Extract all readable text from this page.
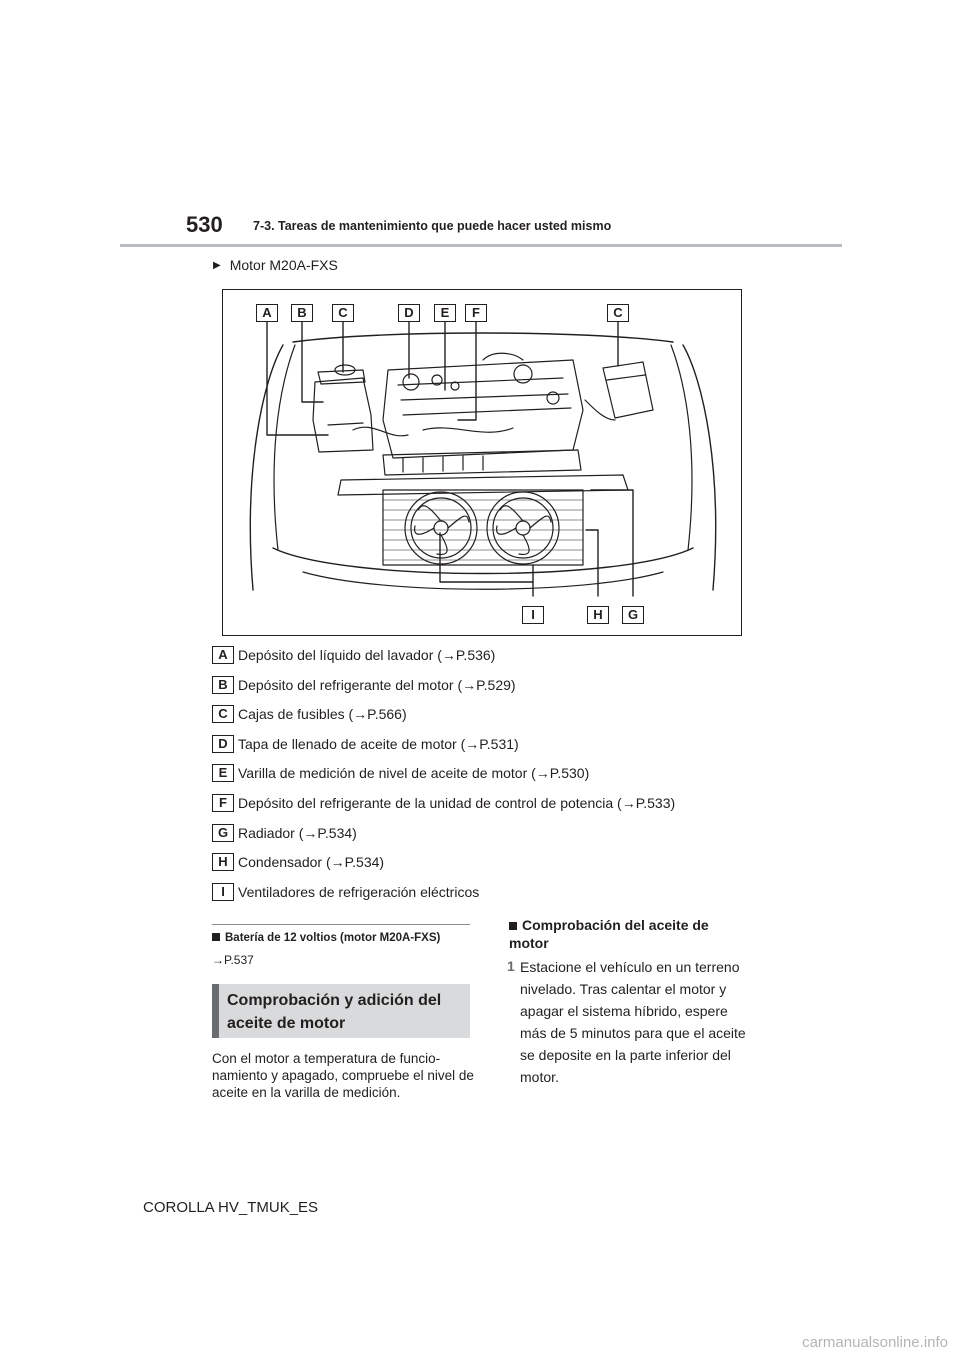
530 7-3. Tareas de mantenimiento que puede hacer usted mismo
▶ Motor M20A-FXS
A	B	C	D	E	F	C
I	H	G
A Depósito del líquido del lavador (→P.536)
B Depósito del refrigerante del motor (→P.529)
C Cajas de fusibles (→P.566)
D Tapa de llenado de aceite de motor (→P.531)
E Varilla de medición de nivel de aceite de motor (→P.530)
F Depósito del refrigerante de la unidad de control de potencia (→P.533)
G Radiador (→P.534)
H Condensador (→P.534)
I Ventiladores de refrigeración eléctricos
Batería de 12 voltios (motor M20A-FXS)
→P.537
Comprobación y adición del aceite de motor
Con el motor a temperatura de funcio-namiento y apagado, compruebe el nivel de aceite en la varilla de medición.
Comprobación del aceite de motor
1 Estacione el vehículo en un terreno nivelado. Tras calentar el motor y apagar el sistema híbrido, espere más de 5 minutos para que el aceite se deposite en la parte inferior del motor.
COROLLA HV_TMUK_ES
carmanualsonline.info
